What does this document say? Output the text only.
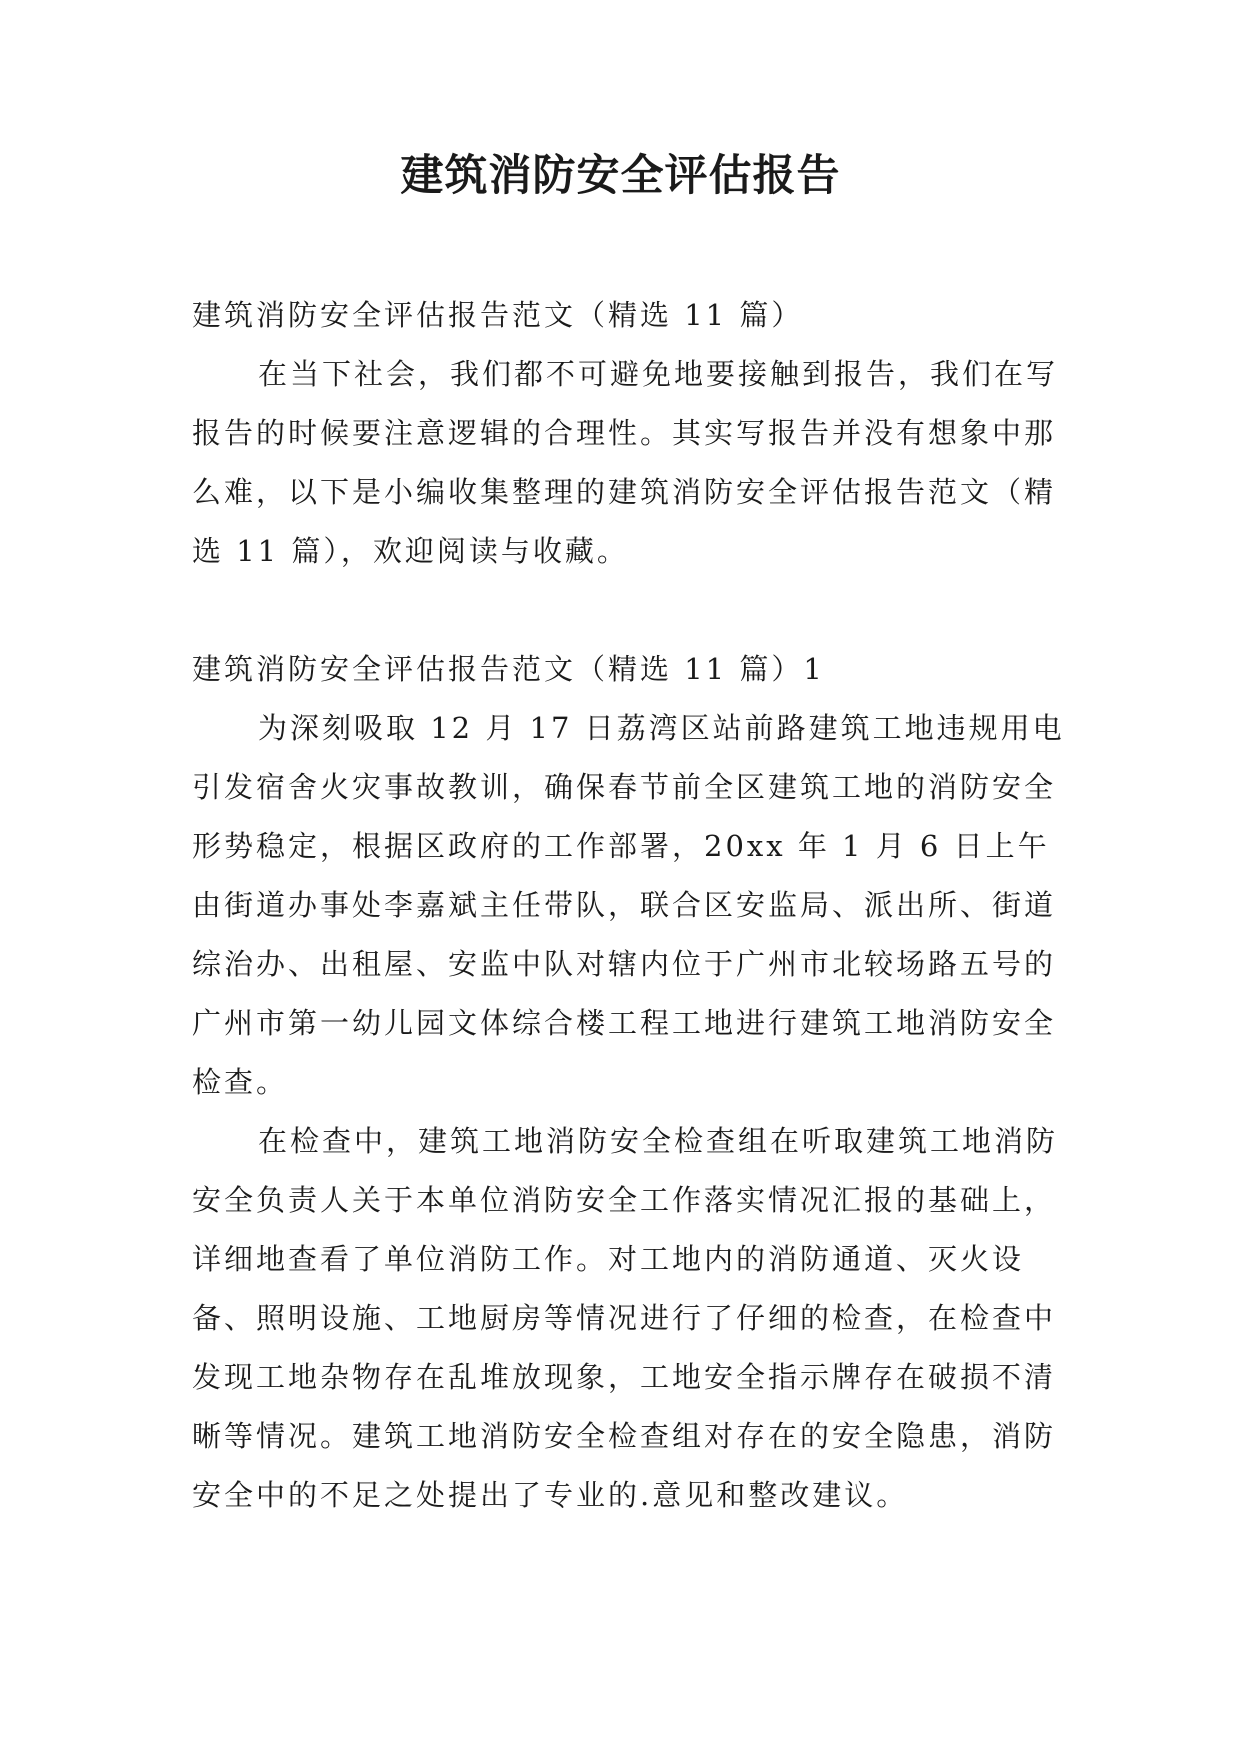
建筑消防安全评估报告

建筑消防安全评估报告范文（精选 11 篇）

在当下社会，我们都不可避免地要接触到报告，我们在写报告的时候要注意逻辑的合理性。其实写报告并没有想象中那么难，以下是小编收集整理的建筑消防安全评估报告范文（精选 11 篇），欢迎阅读与收藏。

建筑消防安全评估报告范文（精选 11 篇）1

为深刻吸取 12 月 17 日荔湾区站前路建筑工地违规用电引发宿舍火灾事故教训，确保春节前全区建筑工地的消防安全形势稳定，根据区政府的工作部署，20xx 年 1 月 6 日上午由街道办事处李嘉斌主任带队，联合区安监局、派出所、街道综治办、出租屋、安监中队对辖内位于广州市北较场路五号的广州市第一幼儿园文体综合楼工程工地进行建筑工地消防安全检查。

在检查中，建筑工地消防安全检查组在听取建筑工地消防安全负责人关于本单位消防安全工作落实情况汇报的基础上，详细地查看了单位消防工作。对工地内的消防通道、灭火设备、照明设施、工地厨房等情况进行了仔细的检查，在检查中发现工地杂物存在乱堆放现象，工地安全指示牌存在破损不清晰等情况。建筑工地消防安全检查组对存在的安全隐患，消防安全中的不足之处提出了专业的.意见和整改建议。
